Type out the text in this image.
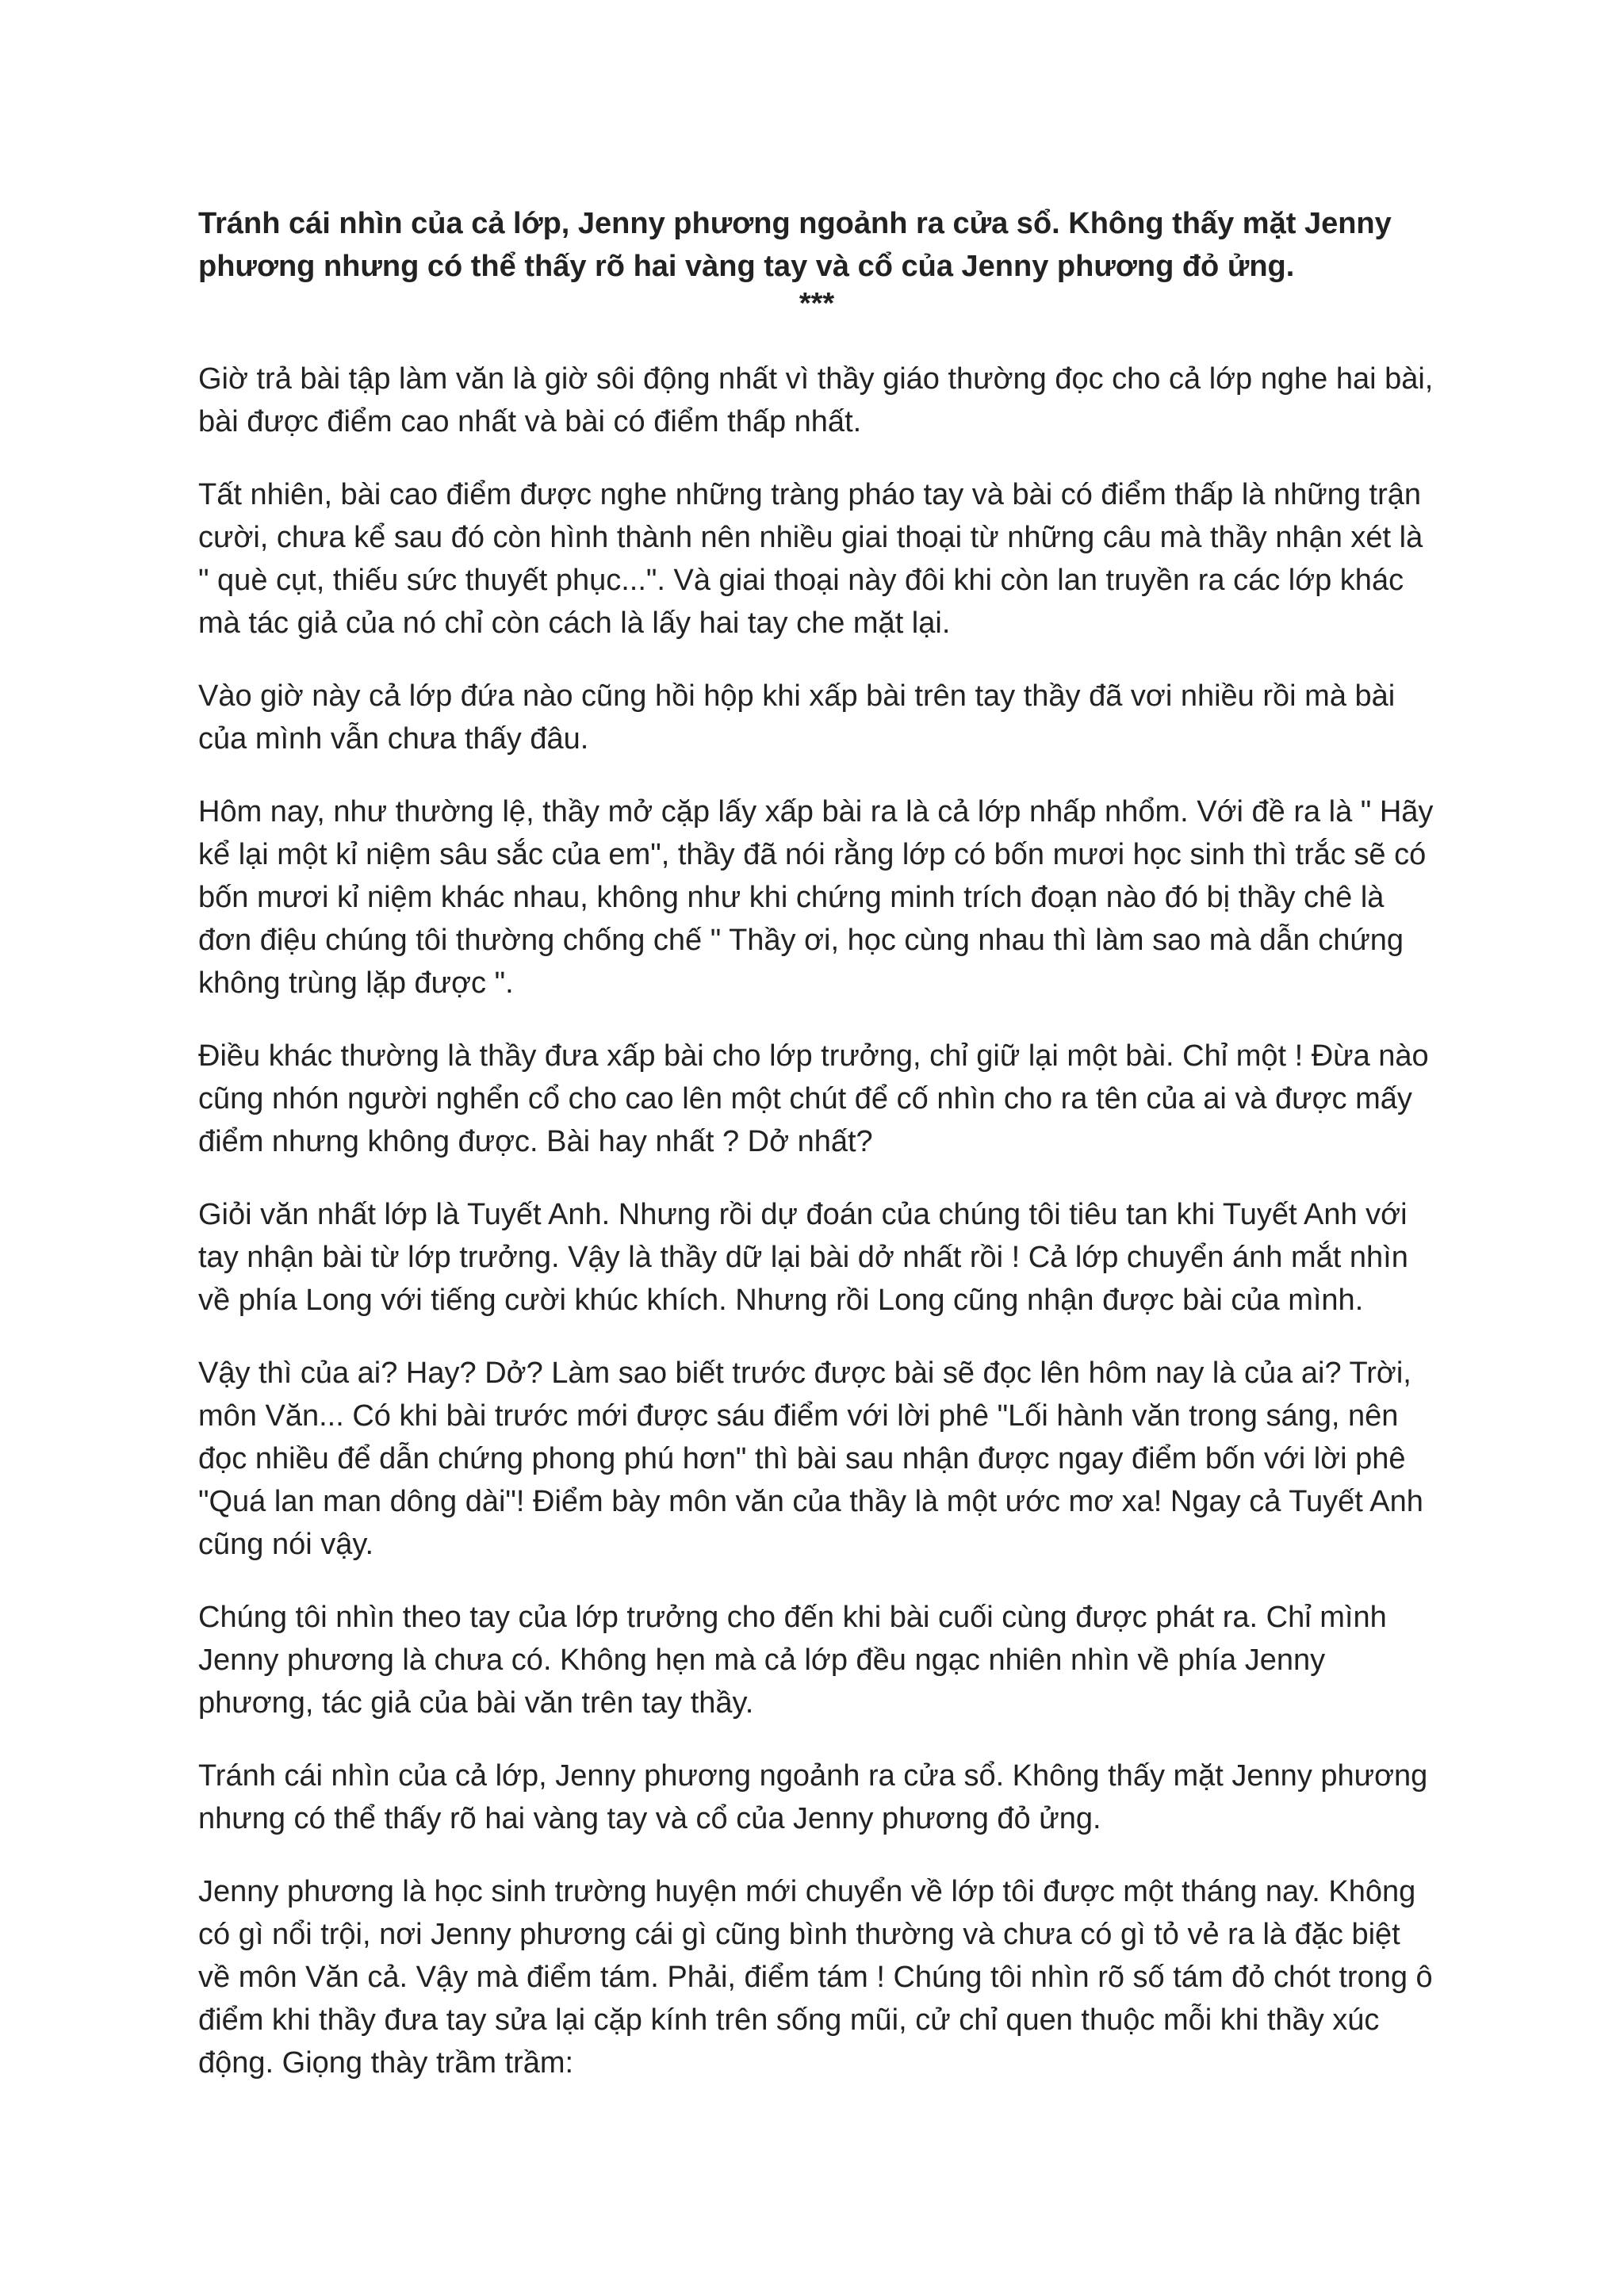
Tránh cái nhìn của cả lớp, Jenny phương ngoảnh ra cửa sổ. Không thấy mặt Jenny phương nhưng có thể thấy rõ hai vàng tay và cổ của Jenny phương đỏ ửng.

***

Giờ trả bài tập làm văn là giờ sôi động nhất vì thầy giáo thường đọc cho cả lớp nghe hai bài, bài được điểm cao nhất và bài có điểm thấp nhất.

Tất nhiên, bài cao điểm được nghe những tràng pháo tay và bài có điểm thấp là những trận cười, chưa kể sau đó còn hình thành nên nhiều giai thoại từ những câu mà thầy nhận xét là " què cụt, thiếu sức thuyết phục...". Và giai thoại này đôi khi còn lan truyền ra các lớp khác mà tác giả của nó chỉ còn cách là lấy hai tay che mặt lại.

Vào giờ này cả lớp đứa nào cũng hồi hộp khi xấp bài trên tay thầy đã vơi nhiều rồi mà bài của mình vẫn chưa thấy đâu.

Hôm nay, như thường lệ, thầy mở cặp lấy xấp bài ra là cả lớp nhấp nhổm. Với đề ra là " Hãy kể lại một kỉ niệm sâu sắc của em", thầy đã nói rằng lớp có bốn mươi học sinh thì trắc sẽ có bốn mươi kỉ niệm khác nhau, không như khi chứng minh trích đoạn nào đó bị thầy chê là đơn điệu chúng tôi thường chống chế " Thầy ơi, học cùng nhau thì làm sao mà dẫn chứng không trùng lặp được ".

Điều khác thường là thầy đưa xấp bài cho lớp trưởng, chỉ giữ lại một bài. Chỉ một ! Đừa nào cũng nhón người nghển cổ cho cao lên một chút để cố nhìn cho ra tên của ai và được mấy điểm nhưng không được. Bài hay nhất ? Dở nhất?

Giỏi văn nhất lớp là Tuyết Anh. Nhưng rồi dự đoán của chúng tôi tiêu tan khi Tuyết Anh với tay nhận bài từ lớp trưởng. Vậy là thầy dữ lại bài dở nhất rồi ! Cả lớp chuyển ánh mắt nhìn về phía Long với tiếng cười khúc khích. Nhưng rồi Long cũng nhận được bài của mình.

Vậy thì của ai? Hay? Dở? Làm sao biết trước được bài sẽ đọc lên hôm nay là của ai? Trời, môn Văn... Có khi bài trước mới được sáu điểm với lời phê "Lối hành văn trong sáng, nên đọc nhiều để dẫn chứng phong phú hơn" thì bài sau nhận được ngay điểm bốn với lời phê "Quá lan man dông dài"! Điểm bày môn văn của thầy là một ước mơ xa! Ngay cả Tuyết Anh cũng nói vậy.

Chúng tôi nhìn theo tay của lớp trưởng cho đến khi bài cuối cùng được phát ra. Chỉ mình Jenny phương là chưa có. Không hẹn mà cả lớp đều ngạc nhiên nhìn về phía Jenny phương, tác giả của bài văn trên tay thầy.

Tránh cái nhìn của cả lớp, Jenny phương ngoảnh ra cửa sổ. Không thấy mặt Jenny phương nhưng có thể thấy rõ hai vàng tay và cổ của Jenny phương đỏ ửng.

Jenny phương là học sinh trường huyện mới chuyển về lớp tôi được một tháng nay. Không có gì nổi trội, nơi Jenny phương cái gì cũng bình thường và chưa có gì tỏ vẻ ra là đặc biệt về môn Văn cả. Vậy mà điểm tám. Phải, điểm tám ! Chúng tôi nhìn rõ số tám đỏ chót trong ô điểm khi thầy đưa tay sửa lại cặp kính trên sống mũi, cử chỉ quen thuộc mỗi khi thầy xúc động. Giọng thày trầm trầm:
